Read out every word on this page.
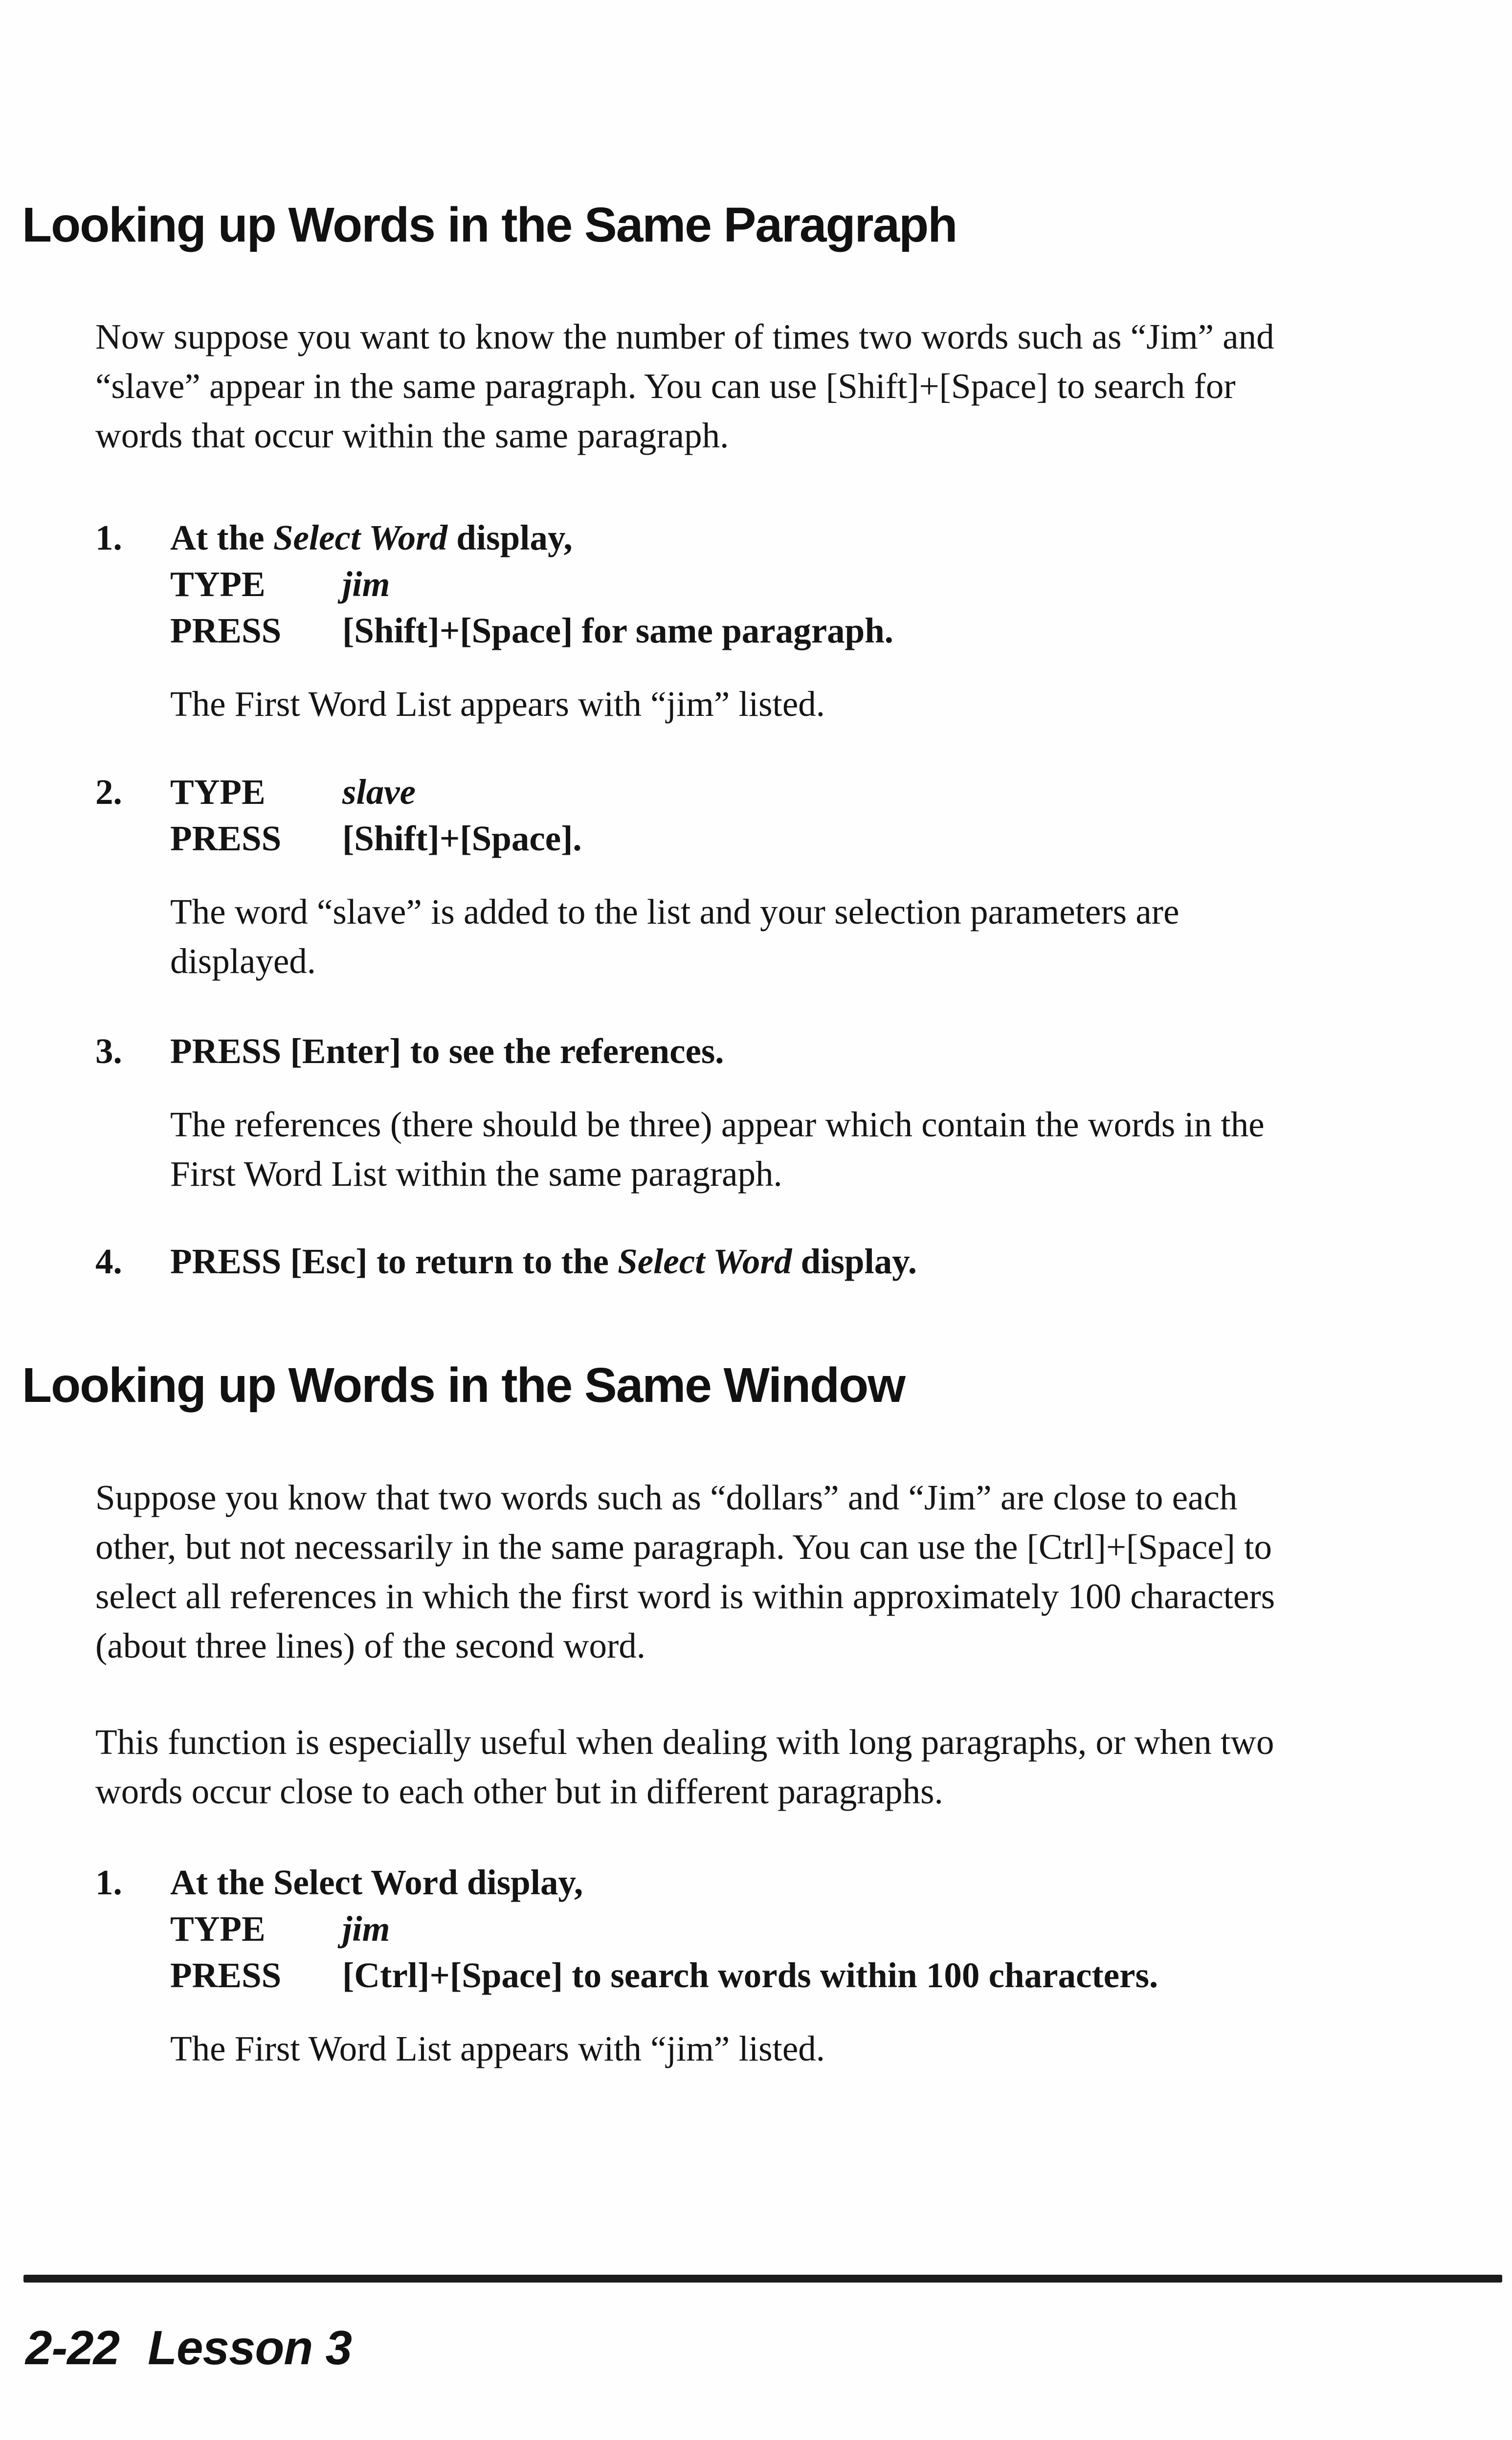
Looking up Words in the Same Paragraph
Now suppose you want to know the number of times two words such as “Jim” and
“slave” appear in the same paragraph. You can use [Shift]+[Space] to search for
words that occur within the same paragraph.
1.	At the Select Word display,
TYPE jim
PRESS [Shift]+[Space] for same paragraph.
The First Word List appears with “jim” listed.
2.	TYPE slave
PRESS [Shift]+[Space].
The word “slave” is added to the list and your selection parameters are
displayed.
3.	PRESS [Enter] to see the references.
The references (there should be three) appear which contain the words in the
First Word List within the same paragraph.
4.	PRESS [Esc] to return to the Select Word display.
Looking up Words in the Same Window
Suppose you know that two words such as “dollars” and “Jim” are close to each
other, but not necessarily in the same paragraph. You can use the [Ctrl]+[Space] to
select all references in which the first word is within approximately 100 characters
(about three lines) of the second word.
This function is especially useful when dealing with long paragraphs, or when two
words occur close to each other but in different paragraphs.
1.	At the Select Word display,
TYPE jim
PRESS [Ctrl]+[Space] to search words within 100 characters.
The First Word List appears with “jim” listed.
2-22 Lesson 3
